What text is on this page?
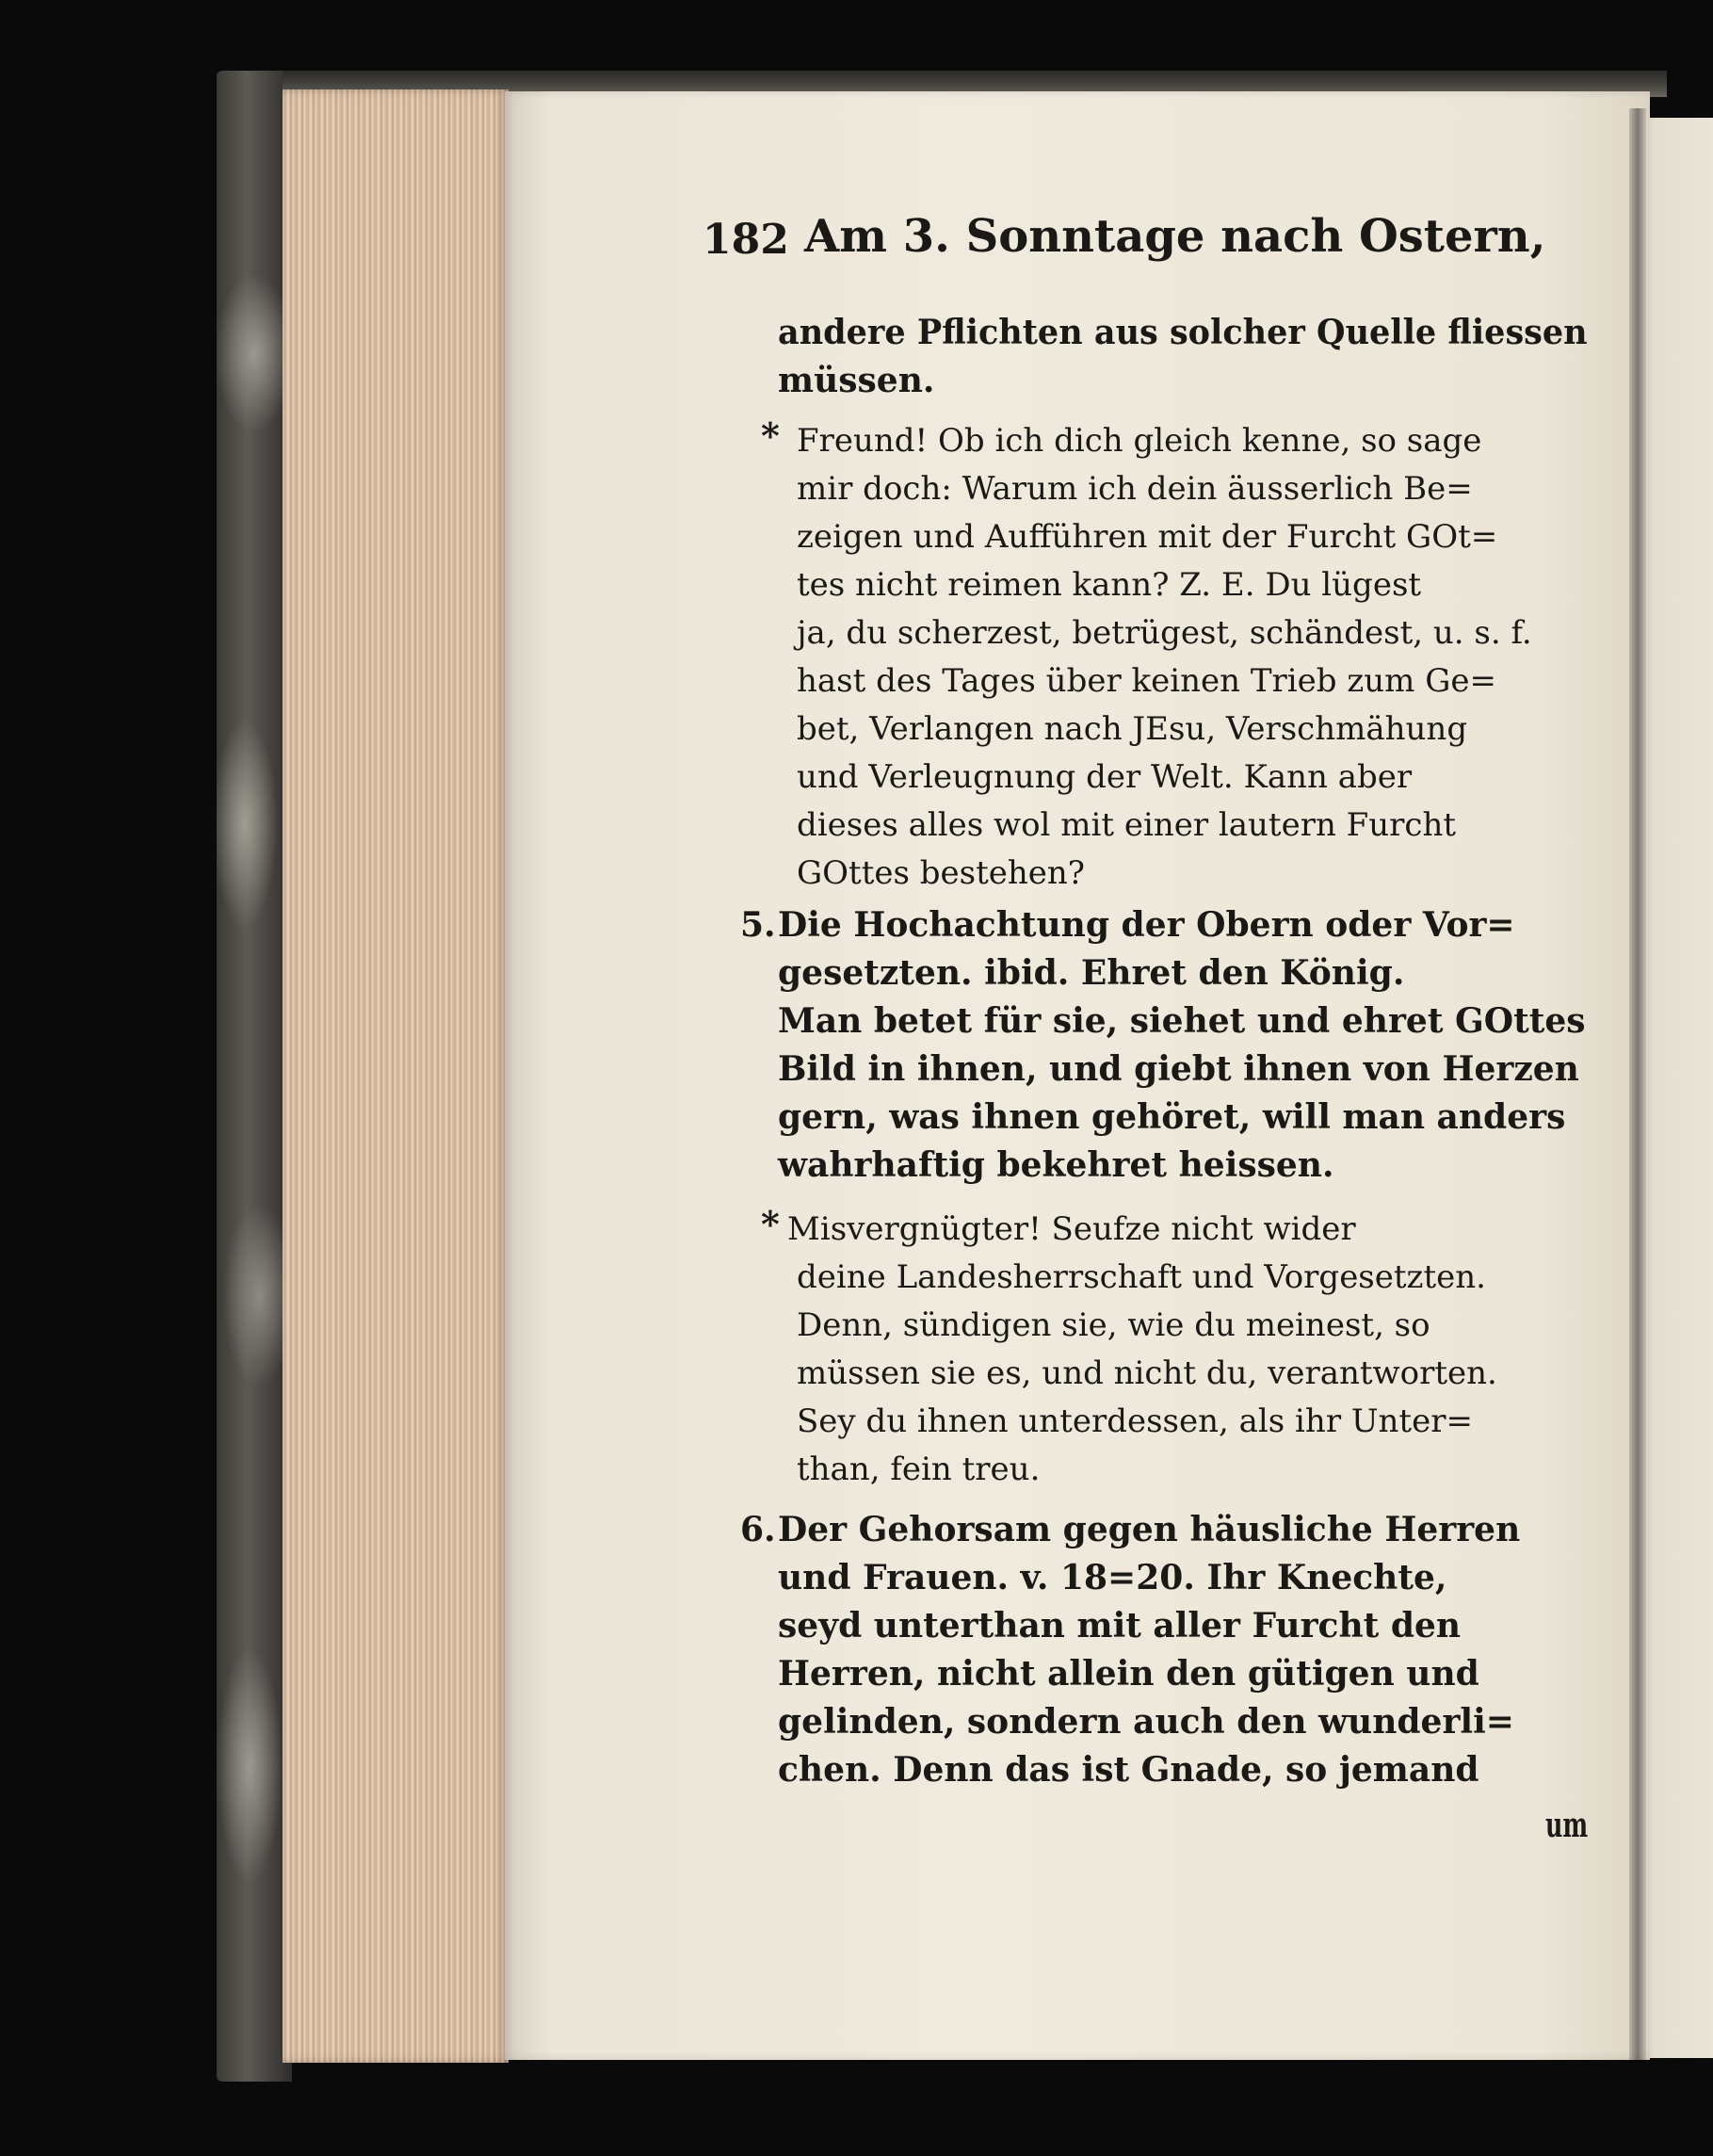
182 Am 3. Sonntage nach Ostern,
andere Pflichten aus solcher Quelle fliessen
müssen.
* Freund! Ob ich dich gleich kenne, so sage
mir doch: Warum ich dein äusserlich Be=
zeigen und Aufführen mit der Furcht GOt=
tes nicht reimen kann? Z. E. Du lügest
ja, du scherzest, betrügest, schändest, u. s. f.
hast des Tages über keinen Trieb zum Ge=
bet, Verlangen nach JEsu, Verschmähung
und Verleugnung der Welt. Kann aber
dieses alles wol mit einer lautern Furcht
GOttes bestehen?
5. Die Hochachtung der Obern oder Vor=
gesetzten. ibid. Ehret den König.
Man betet für sie, siehet und ehret GOttes
Bild in ihnen, und giebt ihnen von Herzen
gern, was ihnen gehöret, will man anders
wahrhaftig bekehret heissen.
* Misvergnügter! Seufze nicht wider
deine Landesherrschaft und Vorgesetzten.
Denn, sündigen sie, wie du meinest, so
müssen sie es, und nicht du, verantworten.
Sey du ihnen unterdessen, als ihr Unter=
than, fein treu.
6. Der Gehorsam gegen häusliche Herren
und Frauen. v. 18=20. Ihr Knechte,
seyd unterthan mit aller Furcht den
Herren, nicht allein den gütigen und
gelinden, sondern auch den wunderli=
chen. Denn das ist Gnade, so jemand
um
